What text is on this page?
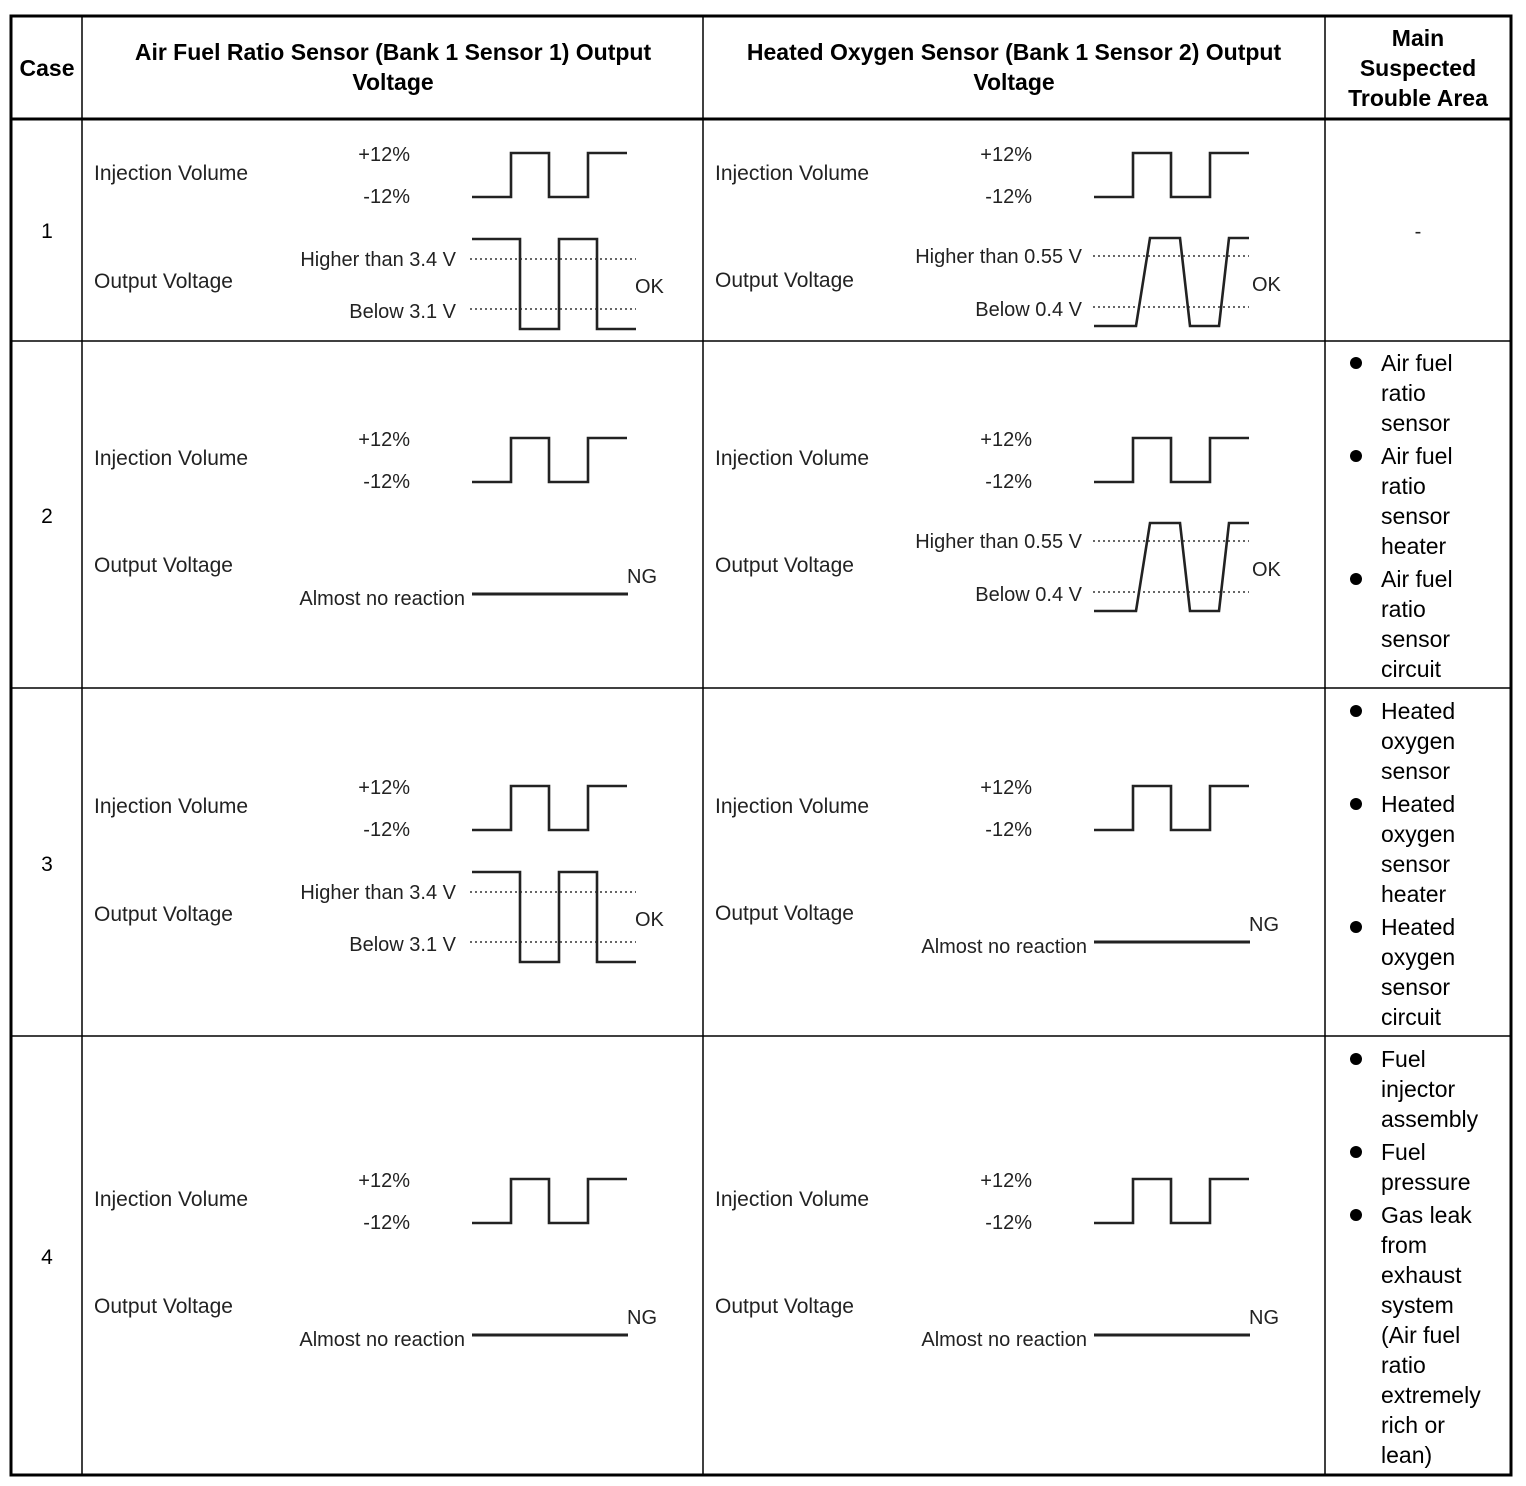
Case
Air Fuel Ratio Sensor (Bank 1 Sensor 1) Output
Voltage
Heated Oxygen Sensor (Bank 1 Sensor 2) Output
Voltage
Main
Suspected
Trouble Area
1
2
3
4
Injection Volume
+12%
-12%
Output Voltage
Higher than 3.4 V
Below 3.1 V
OK
Injection Volume
+12%
-12%
Output Voltage
Higher than 0.55 V
Below 0.4 V
OK
-
Injection Volume
+12%
-12%
Output Voltage
Almost no reaction
NG
Injection Volume
+12%
-12%
Output Voltage
Higher than 0.55 V
Below 0.4 V
OK
Air fuel
ratio
sensor
Air fuel
ratio
sensor
heater
Air fuel
ratio
sensor
circuit
Injection Volume
+12%
-12%
Output Voltage
Higher than 3.4 V
Below 3.1 V
OK
Injection Volume
+12%
-12%
Output Voltage
Almost no reaction
NG
Heated
oxygen
sensor
Heated
oxygen
sensor
heater
Heated
oxygen
sensor
circuit
Injection Volume
+12%
-12%
Output Voltage
Almost no reaction
NG
Injection Volume
+12%
-12%
Output Voltage
Almost no reaction
NG
Fuel
injector
assembly
Fuel
pressure
Gas leak
from
exhaust
system
(Air fuel
ratio
extremely
rich or
lean)
